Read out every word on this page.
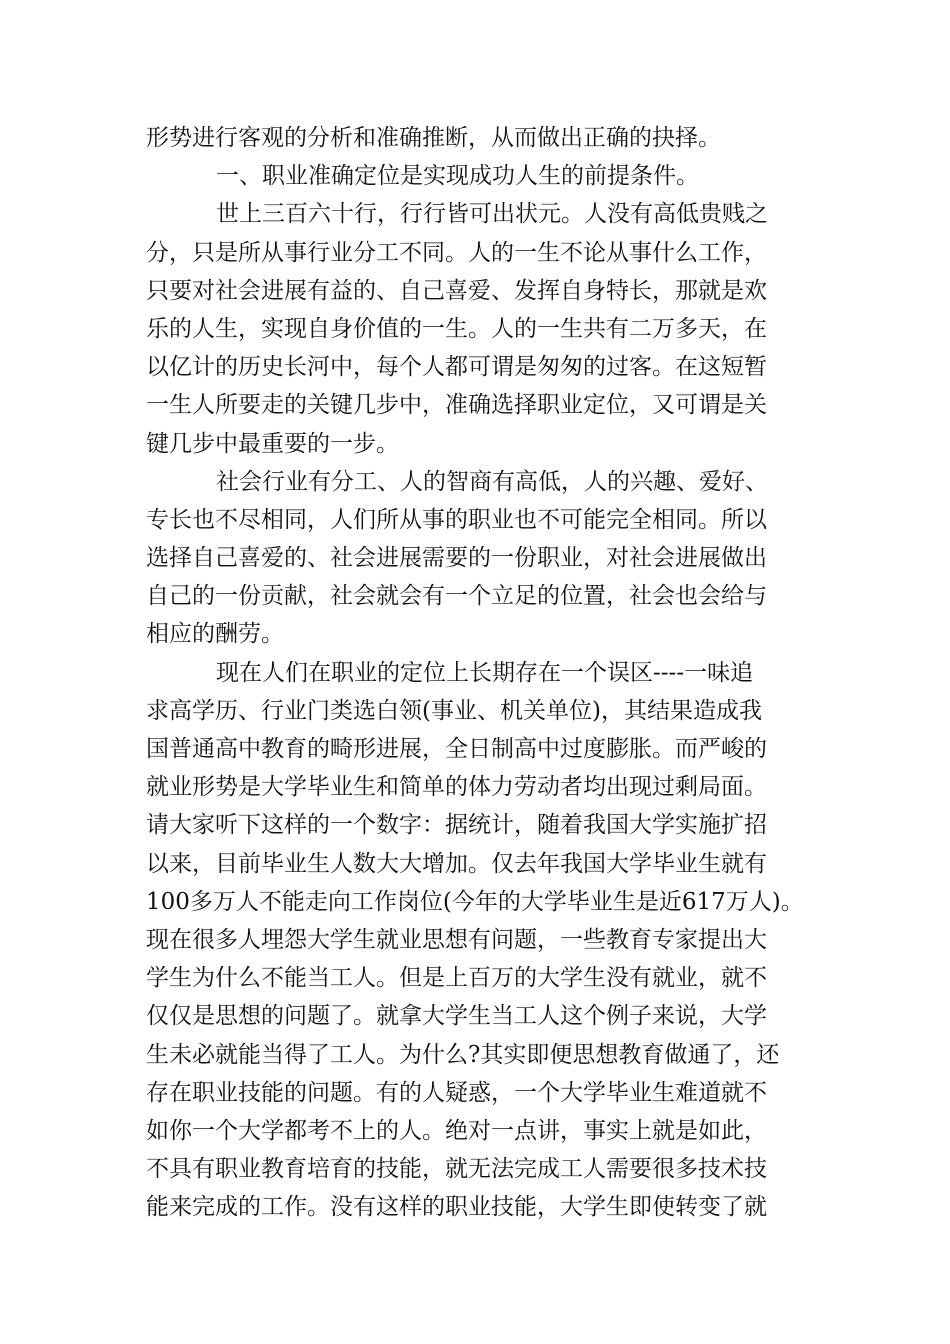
形势进行客观的分析和准确推断，从而做出正确的抉择。
一、职业准确定位是实现成功人生的前提条件。
世上三百六十行，行行皆可出状元。人没有高低贵贱之
分，只是所从事行业分工不同。人的一生不论从事什么工作，
只要对社会进展有益的、自己喜爱、发挥自身特长，那就是欢
乐的人生，实现自身价值的一生。人的一生共有二万多天，在
以亿计的历史长河中，每个人都可谓是匆匆的过客。在这短暂
一生人所要走的关键几步中，准确选择职业定位，又可谓是关
键几步中最重要的一步。
社会行业有分工、人的智商有高低，人的兴趣、爱好、
专长也不尽相同，人们所从事的职业也不可能完全相同。所以
选择自己喜爱的、社会进展需要的一份职业，对社会进展做出
自己的一份贡献，社会就会有一个立足的位置，社会也会给与
相应的酬劳。
现在人们在职业的定位上长期存在一个误区----一味追
求高学历、行业门类选白领(事业、机关单位)，其结果造成我
国普通高中教育的畸形进展，全日制高中过度膨胀。而严峻的
就业形势是大学毕业生和简单的体力劳动者均出现过剩局面。
请大家听下这样的一个数字：据统计，随着我国大学实施扩招
以来，目前毕业生人数大大增加。仅去年我国大学毕业生就有
100多万人不能走向工作岗位(今年的大学毕业生是近617万人)。
现在很多人埋怨大学生就业思想有问题，一些教育专家提出大
学生为什么不能当工人。但是上百万的大学生没有就业，就不
仅仅是思想的问题了。就拿大学生当工人这个例子来说，大学
生未必就能当得了工人。为什么?其实即便思想教育做通了，还
存在职业技能的问题。有的人疑惑，一个大学毕业生难道就不
如你一个大学都考不上的人。绝对一点讲，事实上就是如此，
不具有职业教育培育的技能，就无法完成工人需要很多技术技
能来完成的工作。没有这样的职业技能，大学生即使转变了就
